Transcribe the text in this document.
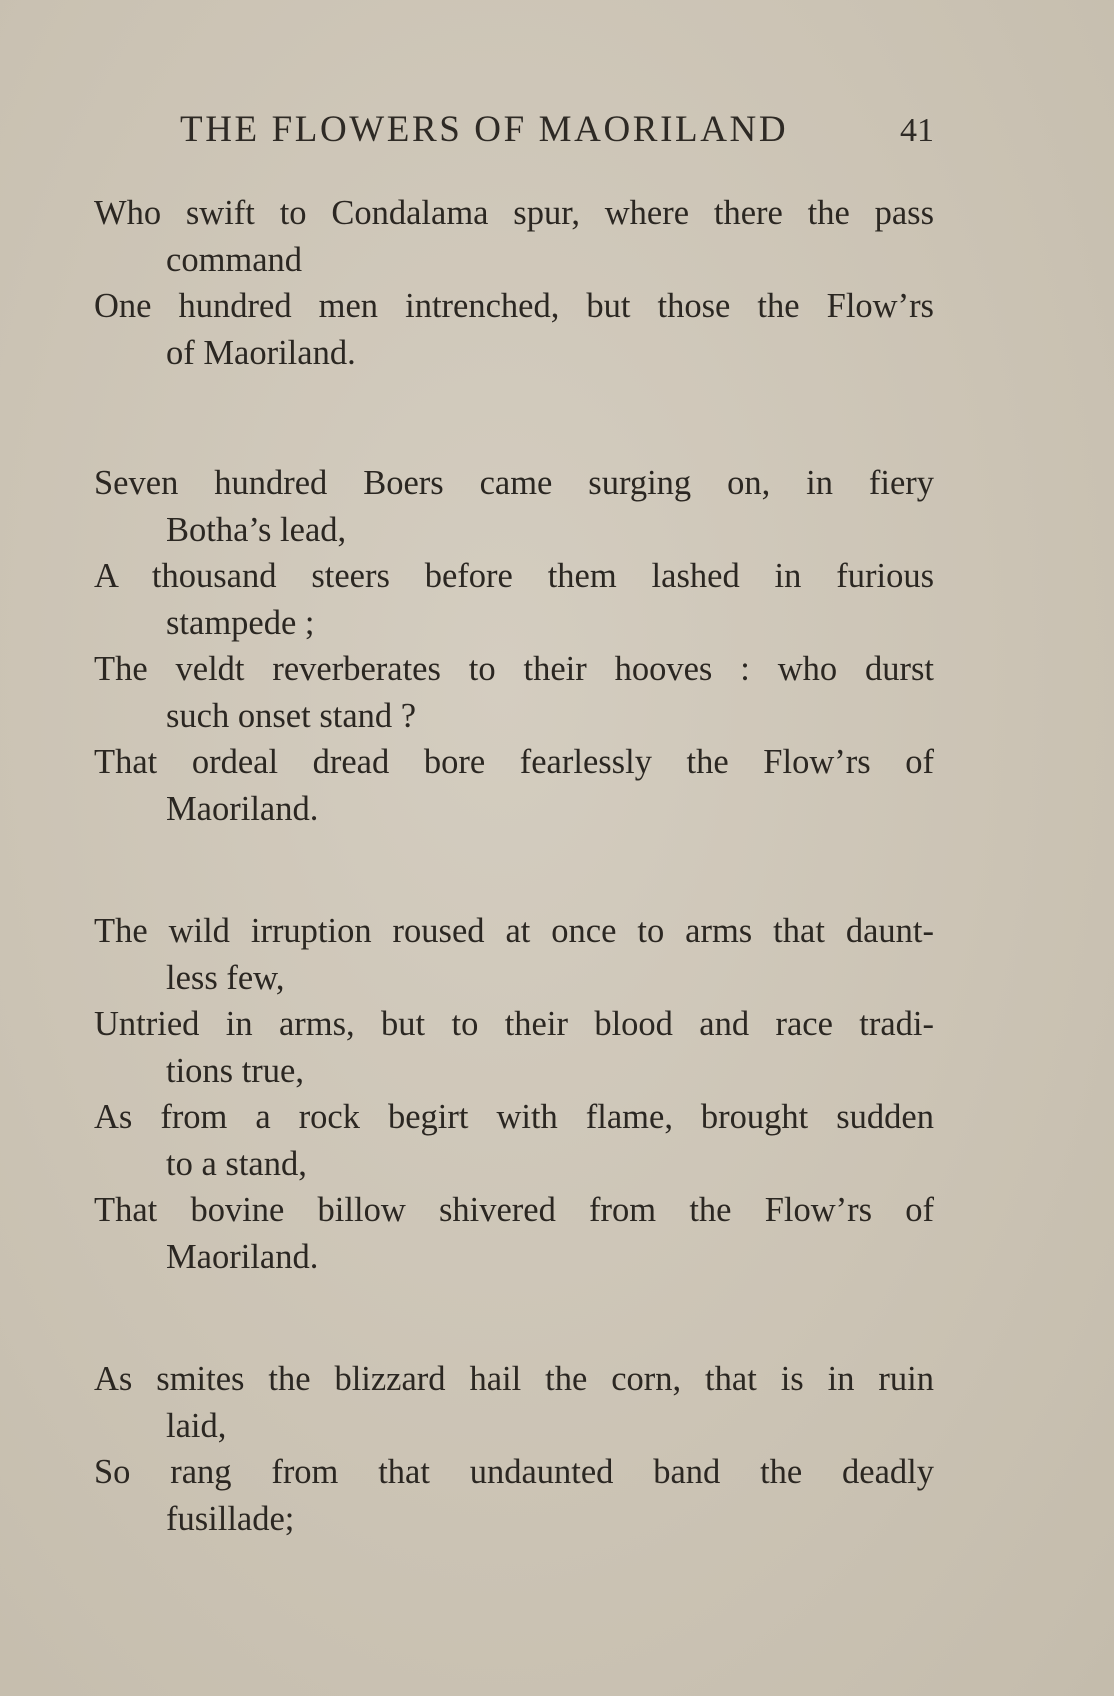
THE FLOWERS OF MAORILAND	41
Who swift to Condalama spur, where there the pass
command
One hundred men intrenched, but those the Flow’rs
of Maoriland.
Seven hundred Boers came surging on, in fiery
Botha’s lead,
A thousand steers before them lashed in furious
stampede ;
The veldt reverberates to their hooves : who durst
such onset stand ?
That ordeal dread bore fearlessly the Flow’rs of
Maoriland.
The wild irruption roused at once to arms that daunt-
less few,
Untried in arms, but to their blood and race tradi-
tions true,
As from a rock begirt with flame, brought sudden
to a stand,
That bovine billow shivered from the Flow’rs of
Maoriland.
As smites the blizzard hail the corn, that is in ruin
laid,
So rang from that undaunted band the deadly
fusillade;
